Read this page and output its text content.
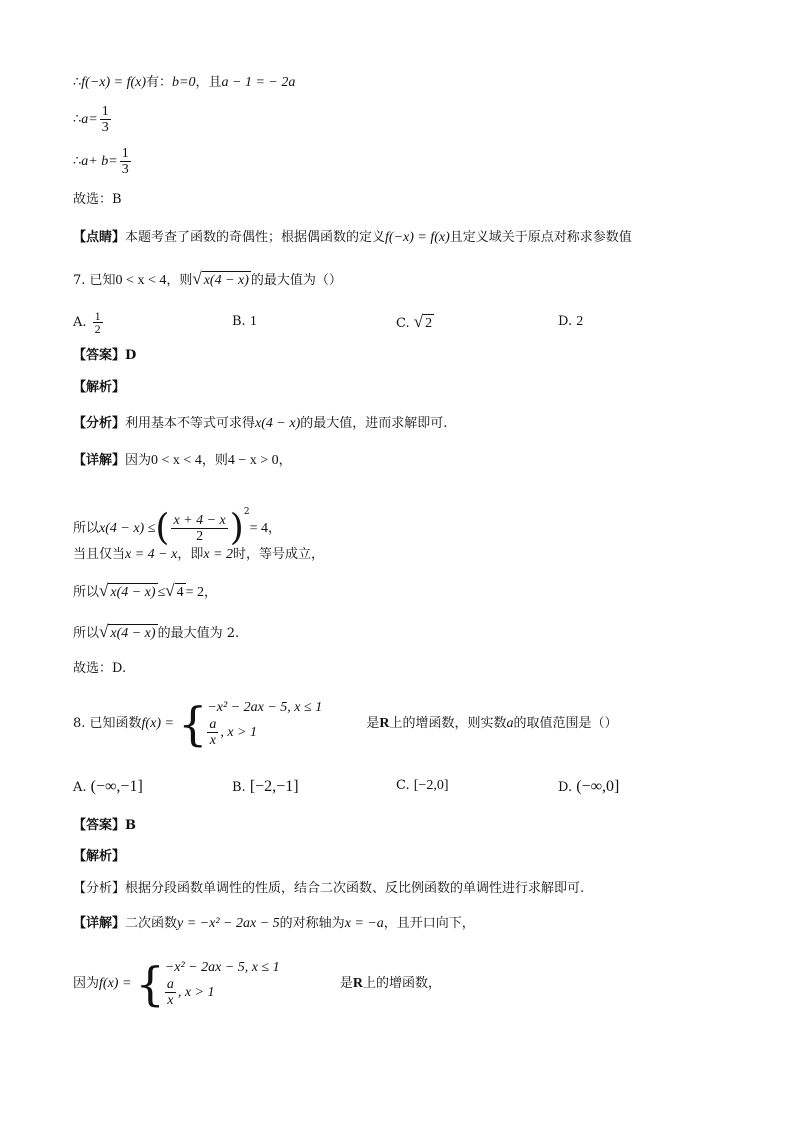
∴f(−x) = f(x)有：b=0，且a − 1 = − 2a
∴a= $\frac{1}{3}$
∴a+ $b= \frac{1}{3}$
故选：B
【点睛】本题考查了函数的奇偶性；根据偶函数的定义f(−x) = f(x)且定义域关于原点对称求参数值
7. 已知0 < x < 4，则√ x(4 − x) 的最大值为（）
A. $\frac{1}{2}$	B. 1	C. √ 2	D. 2
【答案】D
【解析】
【分析】利用基本不等式可求得x(4 − x)的最大值，进而求解即可.
【详解】因为0 < x < 4，则4 − x > 0，
所以x(4 − x) ≤( $\frac{x + 4 - x}{2} )^2= 4$，
当且仅当x = 4 − x，即x = 2时，等号成立，
所以√ x(4 − x) ≤√ 4 = 2，
所以√ x(4 − x) 的最大值为 2.
故选：D.
8. 已知函数f(x) = { −x² − 2ax − 5, x ≤ 1
$\frac{a}{x}$ , x > 1
是R上的增函数，则实数a的取值范围是（）
A. (−∞,−1]	B. [−2,−1]	C. [−2,0]	D. (−∞,0]
【答案】B
【解析】
【分析】根据分段函数单调性的性质，结合二次函数、反比例函数的单调性进行求解即可.
【详解】二次函数y = −x² − 2ax − 5的对称轴为x = −a，且开口向下，
因为f(x) = { −x² − 2ax − 5, x ≤ 1
$\frac{a}{x}$ , x > 1
是R上的增函数，
